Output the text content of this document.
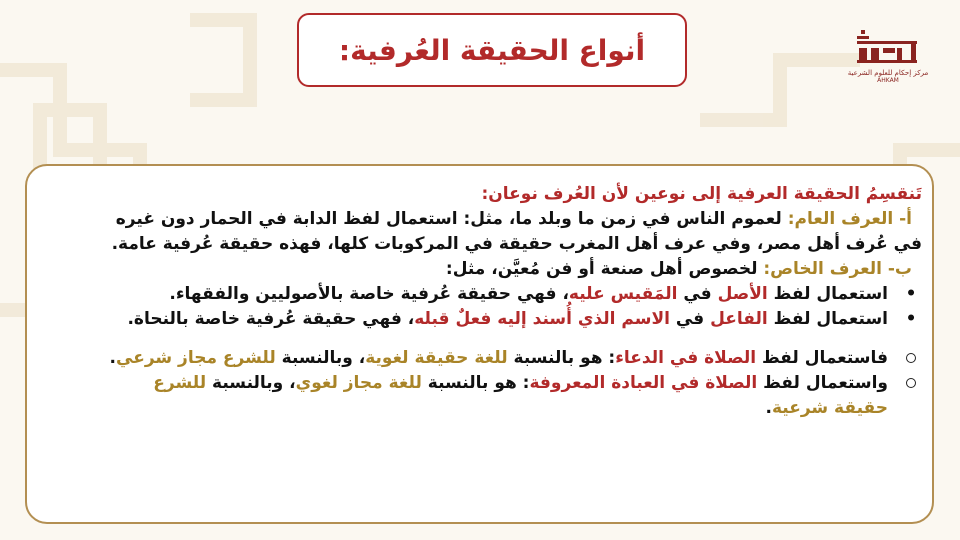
أنواع الحقيقة العُرفية:
مركز إحكام للعلوم الشرعية
AHKAM
تَنقسِمُ الحقيقة العرفية إلى نوعين لأن العُرف نوعان:
أ- العرف العام: لعموم الناس في زمن ما وبلد ما، مثل: استعمال لفظ الدابة في الحمار دون غيره
في عُرف أهل مصر، وفي عرف أهل المغرب حقيقة في المركوبات كلها، فهذه حقيقة عُرفية عامة.
ب- العرف الخاص: لخصوص أهل صنعة أو فن مُعيَّن، مثل:
•
استعمال لفظ الأصل في المَقيس عليه، فهي حقيقة عُرفية خاصة بالأصوليين والفقهاء.
•
استعمال لفظ الفاعل في الاسم الذي أُسند إليه فعلٌ قبله، فهي حقيقة عُرفية خاصة بالنحاة.
فاستعمال لفظ الصلاة في الدعاء: هو بالنسبة للغة حقيقة لغوية، وبالنسبة للشرع مجاز شرعي.
واستعمال لفظ الصلاة في العبادة المعروفة: هو بالنسبة للغة مجاز لغوي، وبالنسبة للشرع
حقيقة شرعية.
